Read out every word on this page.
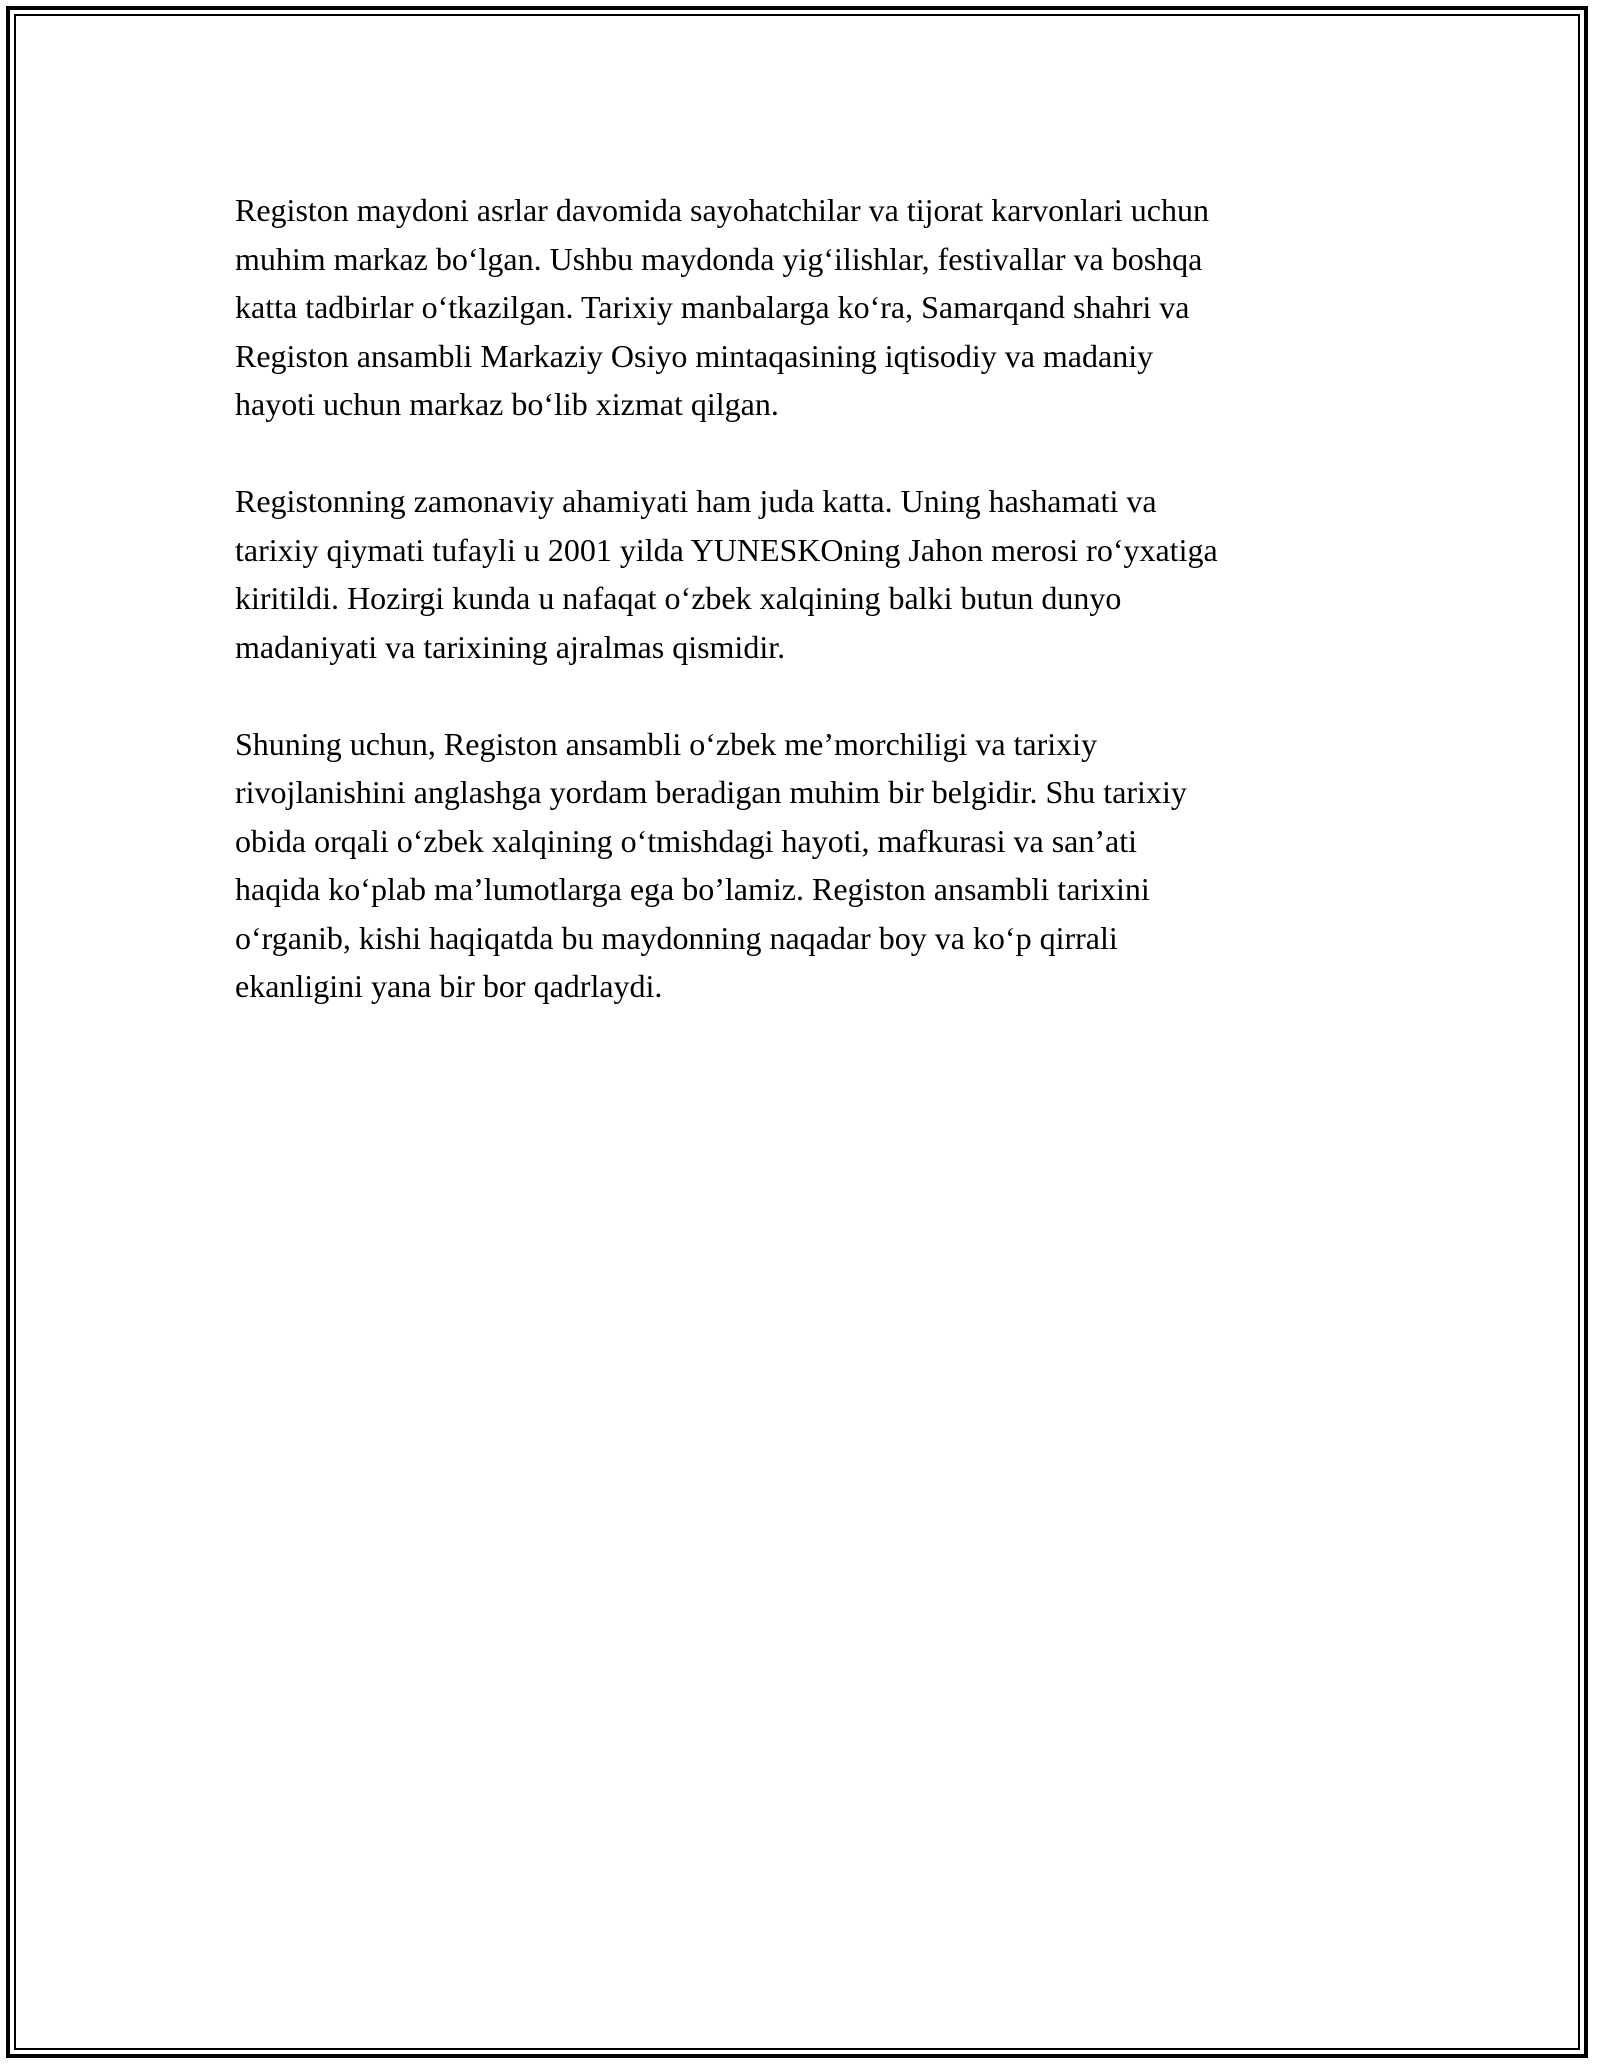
Registon maydoni asrlar davomida sayohatchilar va tijorat karvonlari uchun
muhim markaz bo‘lgan. Ushbu maydonda yig‘ilishlar, festivallar va boshqa
katta tadbirlar o‘tkazilgan. Tarixiy manbalarga ko‘ra, Samarqand shahri va
Registon ansambli Markaziy Osiyo mintaqasining iqtisodiy va madaniy
hayoti uchun markaz bo‘lib xizmat qilgan.

Registonning zamonaviy ahamiyati ham juda katta. Uning hashamati va
tarixiy qiymati tufayli u 2001 yilda YUNESKOning Jahon merosi ro‘yxatiga
kiritildi. Hozirgi kunda u nafaqat o‘zbek xalqining balki butun dunyo
madaniyati va tarixining ajralmas qismidir.

Shuning uchun, Registon ansambli o‘zbek me’morchiligi va tarixiy
rivojlanishini anglashga yordam beradigan muhim bir belgidir. Shu tarixiy
obida orqali o‘zbek xalqining o‘tmishdagi hayoti, mafkurasi va san’ati
haqida ko‘plab ma’lumotlarga ega bo’lamiz. Registon ansambli tarixini
o‘rganib, kishi haqiqatda bu maydonning naqadar boy va ko‘p qirrali
ekanligini yana bir bor qadrlaydi.
